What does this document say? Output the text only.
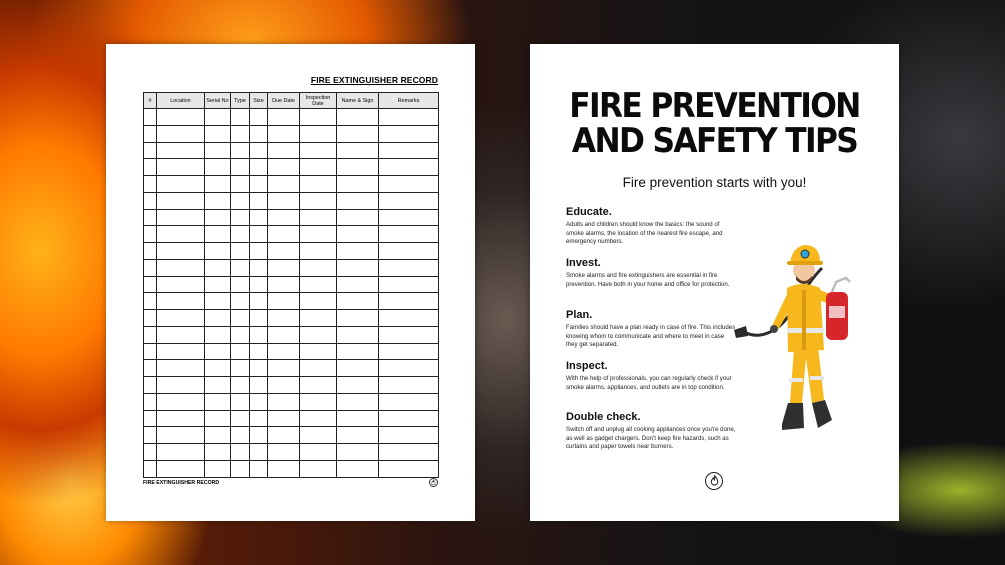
FIRE EXTINGUISHER RECORD
#	Location	Serial No	Type	Size	Due Date	Inspection Date	Name & Sign	Remarks

FIRE EXTINGUISHER RECORD
FIRE PREVENTION
AND SAFETY TIPS
Fire prevention starts with you!

Educate.

Adults and children should know the basics: the sound of smoke alarms, the location of the nearest fire escape, and emergency numbers.

Invest.

Smoke alarms and fire extinguishers are essential in fire prevention. Have both in your home and office for protection.

Plan.

Families should have a plan ready in case of fire. This includes knowing whom to communicate and where to meet in case they get separated.

Inspect.

With the help of professionals, you can regularly check if your smoke alarms, appliances, and outlets are in top condition.

Double check.

Switch off and unplug all cooking appliances once you're done, as well as gadget chargers. Don't keep fire hazards, such as curtains and paper towels near burners.
